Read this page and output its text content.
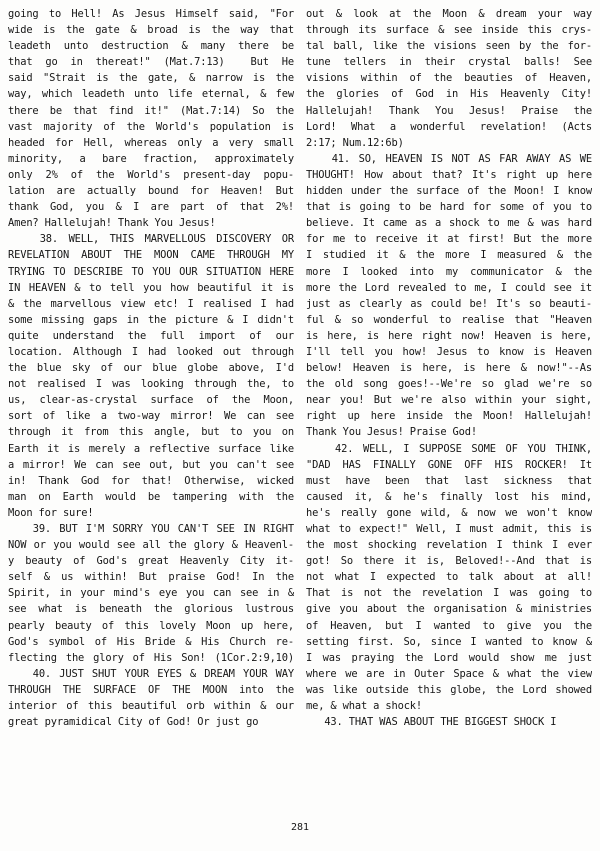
going to Hell! As Jesus Himself said, "For
wide is the gate & broad is the way that
leadeth unto destruction & many there be
that go in thereat!" (Mat.7:13)  But He
said "Strait is the gate, & narrow is the
way, which leadeth unto life eternal, & few
there be that find it!" (Mat.7:14) So the
vast majority of the World's population is
headed for Hell, whereas only a very small
minority, a bare fraction, approximately
only 2% of the World's present-day popu-
lation are actually bound for Heaven! But
thank God, you & I are part of that 2%!
Amen? Hallelujah! Thank You Jesus!
38. WELL, THIS MARVELLOUS DISCOVERY OR
REVELATION ABOUT THE MOON CAME THROUGH MY
TRYING TO DESCRIBE TO YOU OUR SITUATION HERE
IN HEAVEN & to tell you how beautiful it is
& the marvellous view etc! I realised I had
some missing gaps in the picture & I didn't
quite understand the full import of our
location. Although I had looked out through
the blue sky of our blue globe above, I'd
not realised I was looking through the, to
us, clear-as-crystal surface of the Moon,
sort of like a two-way mirror! We can see
through it from this angle, but to you on
Earth it is merely a reflective surface like
a mirror! We can see out, but you can't see
in! Thank God for that! Otherwise, wicked
man on Earth would be tampering with the
Moon for sure!
39. BUT I'M SORRY YOU CAN'T SEE IN RIGHT
NOW or you would see all the glory & Heavenl-
y beauty of God's great Heavenly City it-
self & us within! But praise God! In the
Spirit, in your mind's eye you can see in &
see what is beneath the glorious lustrous
pearly beauty of this lovely Moon up here,
God's symbol of His Bride & His Church re-
flecting the glory of His Son! (1Cor.2:9,10)
40. JUST SHUT YOUR EYES & DREAM YOUR WAY
THROUGH THE SURFACE OF THE MOON into the
interior of this beautiful orb within & our
great pyramidical City of God! Or just go
out & look at the Moon & dream your way
through its surface & see inside this crys-
tal ball, like the visions seen by the for-
tune tellers in their crystal balls! See
visions within of the beauties of Heaven,
the glories of God in His Heavenly City!
Hallelujah! Thank You Jesus! Praise the
Lord! What a wonderful revelation! (Acts
2:17; Num.12:6b)
41. SO, HEAVEN IS NOT AS FAR AWAY AS WE
THOUGHT! How about that? It's right up here
hidden under the surface of the Moon! I know
that is going to be hard for some of you to
believe. It came as a shock to me & was hard
for me to receive it at first! But the more
I studied it & the more I measured & the
more I looked into my communicator & the
more the Lord revealed to me, I could see it
just as clearly as could be! It's so beauti-
ful & so wonderful to realise that "Heaven
is here, is here right now! Heaven is here,
I'll tell you how! Jesus to know is Heaven
below! Heaven is here, is here & now!"--As
the old song goes!--We're so glad we're so
near you! But we're also within your sight,
right up here inside the Moon! Hallelujah!
Thank You Jesus! Praise God!
42. WELL, I SUPPOSE SOME OF YOU THINK,
"DAD HAS FINALLY GONE OFF HIS ROCKER! It
must have been that last sickness that
caused it, & he's finally lost his mind,
he's really gone wild, & now we won't know
what to expect!" Well, I must admit, this is
the most shocking revelation I think I ever
got! So there it is, Beloved!--And that is
not what I expected to talk about at all!
That is not the revelation I was going to
give you about the organisation & ministries
of Heaven, but I wanted to give you the
setting first. So, since I wanted to know &
I was praying the Lord would show me just
where we are in Outer Space & what the view
was like outside this globe, the Lord showed
me, & what a shock!
43. THAT WAS ABOUT THE BIGGEST SHOCK I
281
